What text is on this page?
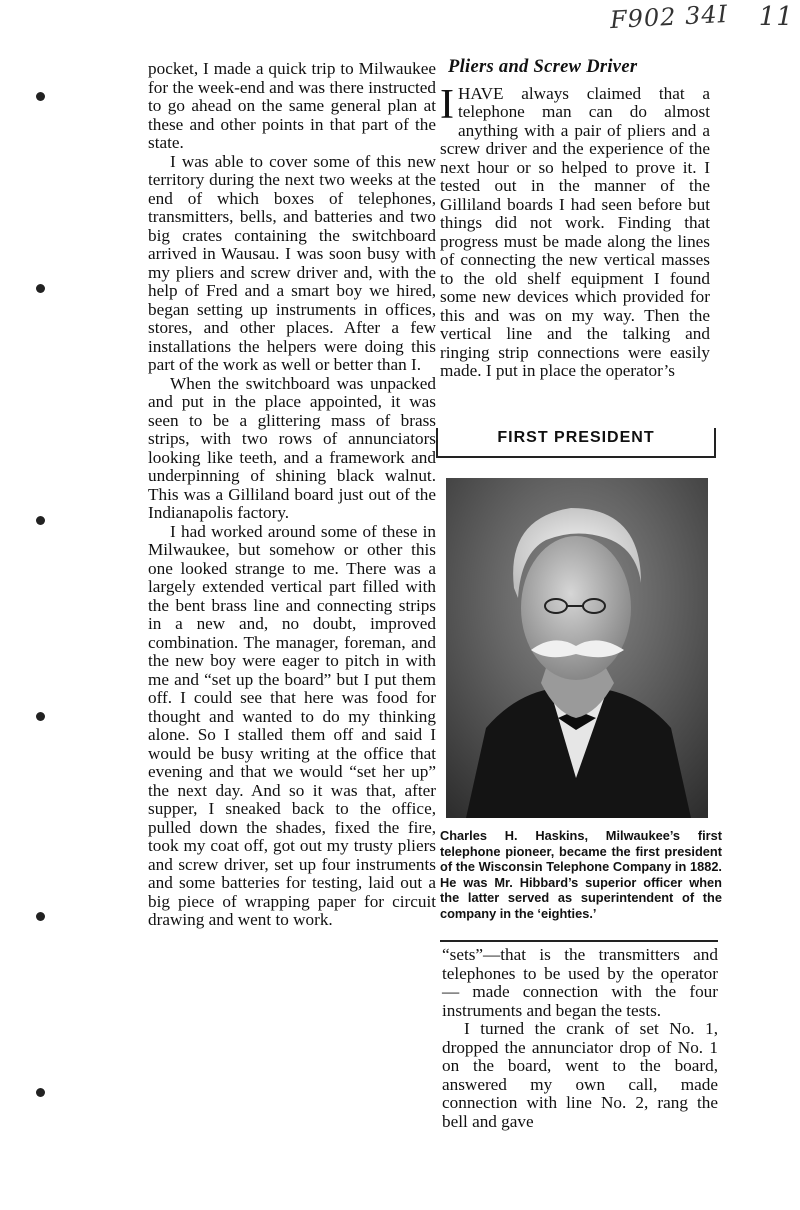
F902 34I 11

pocket, I made a quick trip to Milwaukee for the week-end and was there instructed to go ahead on the same general plan at these and other points in that part of the state.

I was able to cover some of this new territory during the next two weeks at the end of which boxes of telephones, transmitters, bells, and batteries and two big crates containing the switchboard arrived in Wausau. I was soon busy with my pliers and screw driver and, with the help of Fred and a smart boy we hired, began setting up instruments in offices, stores, and other places. After a few installations the helpers were doing this part of the work as well or better than I.

When the switchboard was unpacked and put in the place appointed, it was seen to be a glittering mass of brass strips, with two rows of annunciators looking like teeth, and a framework and underpinning of shining black walnut. This was a Gilliland board just out of the Indianapolis factory.

I had worked around some of these in Milwaukee, but somehow or other this one looked strange to me. There was a largely extended vertical part filled with the bent brass line and connecting strips in a new and, no doubt, improved combination. The manager, foreman, and the new boy were eager to pitch in with me and “set up the board” but I put them off. I could see that here was food for thought and wanted to do my thinking alone. So I stalled them off and said I would be busy writing at the office that evening and that we would “set her up” the next day. And so it was that, after supper, I sneaked back to the office, pulled down the shades, fixed the fire, took my coat off, got out my trusty pliers and screw driver, set up four instruments and some batteries for testing, laid out a big piece of wrapping paper for circuit drawing and went to work.

Pliers and Screw Driver

IHAVE always claimed that a telephone man can do almost anything with a pair of pliers and a screw driver and the experience of the next hour or so helped to prove it. I tested out in the manner of the Gilliland boards I had seen before but things did not work. Finding that progress must be made along the lines of connecting the new vertical masses to the old shelf equipment I found some new devices which provided for this and was on my way. Then the vertical line and the talking and ringing strip connections were easily made. I put in place the operator’s

FIRST PRESIDENT
Charles H. Haskins, Milwaukee’s first telephone pioneer, became the first president of the Wisconsin Telephone Company in 1882. He was Mr. Hibbard’s superior officer when the latter served as superintendent of the company in the ‘eighties.’

“sets”—that is the transmitters and telephones to be used by the operator — made connection with the four instruments and began the tests.

I turned the crank of set No. 1, dropped the annunciator drop of No. 1 on the board, went to the board, answered my own call, made connection with line No. 2, rang the bell and gave
